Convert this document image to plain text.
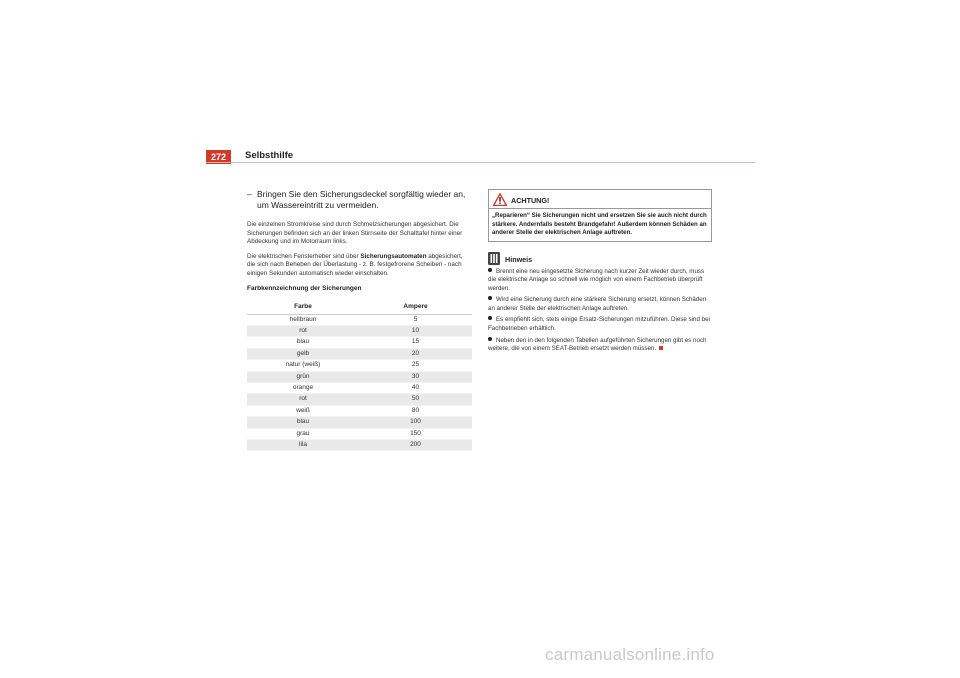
272	Selbsthilfe
– Bringen Sie den Sicherungsdeckel sorgfältig wieder an, um Wassereintritt zu vermeiden.

Die einzelnen Stromkreise sind durch Schmelzsicherungen abgesichert. Die Sicherungen befinden sich an der linken Stirnseite der Schalttafel hinter einer Abdeckung und im Motorraum links.

Die elektrischen Fensterheber sind über Sicherungsautomaten abgesichert, die sich nach Beheben der Überlastung - z. B. festgefrorene Scheiben - nach einigen Sekunden automatisch wieder einschalten.

Farbkennzeichnung der Sicherungen
Farbe	Ampere
hellbraun	5
rot	10
blau	15
gelb	20
natur (weiß)	25
grün	30
orange	40
rot	50
weiß	80
blau	100
grau	150
lila	200
ACHTUNG!
„Reparieren“ Sie Sicherungen nicht und ersetzen Sie sie auch nicht durch stärkere. Andernfalls besteht Brandgefahr! Außerdem können Schäden an anderer Stelle der elektrischen Anlage auftreten.
Hinweis
Brennt eine neu eingesetzte Sicherung nach kurzer Zeit wieder durch, muss die elektrische Anlage so schnell wie möglich von einem Fachbetrieb überprüft werden.
Wird eine Sicherung durch eine stärkere Sicherung ersetzt, können Schäden an anderer Stelle der elektrischen Anlage auftreten.
Es empfiehlt sich, stets einige Ersatz-Sicherungen mitzuführen. Diese sind bei Fachbetrieben erhältlich.
Neben den in den folgenden Tabellen aufgeführten Sicherungen gibt es noch weitere, die von einem SEAT-Betrieb ersetzt werden müssen.
carmanualsonline.info
